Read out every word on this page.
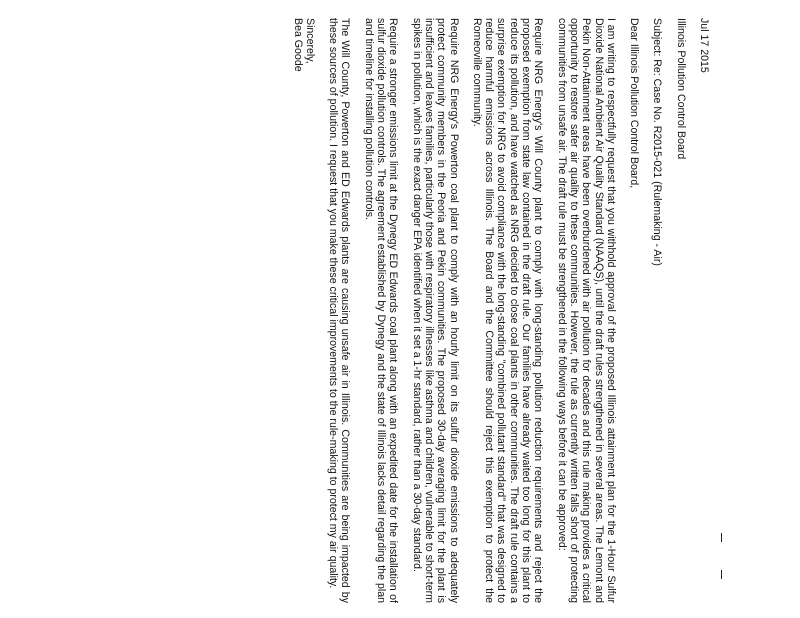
Jul 17 2015
Illinois Pollution Control Board
Subject: Re: Case No. R2015-021 (Rulemaking - Air)
Dear Illinois Pollution Control Board,

I am writing to respectfully request that you withhold approval of the proposed Illinois attainment plan for the 1-Hour Sulfur Dioxide National Ambient Air Quality Standard (NAAQS), until the draft rules strengthened in several areas. The Lemont and Pekin Non-Attainment areas have been overburdened with air pollution for decades and this rule making provides a critical opportunity to restore safer air quality to these communities. However, the rule as currently written falls short of protecting communities from unsafe air. The draft rule must be strengthened in the following ways before it can be approved:

Require NRG Energy's Will County plant to comply with long-standing pollution reduction requirements and reject the proposed exemption from state law contained in the draft rule. Our families have already waited too long for this plant to reduce its pollution, and have watched as NRG decided to close coal plants in other communities. The draft rule contains a surprise exemption for NRG to avoid compliance with the long-standing "combined pollutant standard" that was designed to reduce harmful emissions across Illinois. The Board and the Committee should reject this exemption to protect the Romeoville community.

Require NRG Energy's Powerton coal plant to comply with an hourly limit on its sulfur dioxide emissions to adequately protect community members in the Peoria and Pekin communities. The proposed 30-day averaging limit for the plant is insufficient and leaves families, particularly those with respiratory illnesses like asthma and children, vulnerable to short-term spikes in pollution, which is the exact danger EPA identified when it set a 1-hr standard, rather than a 30-day standard.

Require a stronger emissions limit at the Dynegy ED Edwards coal plant along with an expedited date for the installation of sulfur dioxide pollution controls. The agreement established by Dynegy and the state of Illinois lacks detail regarding the plan and timeline for installing pollution controls.

The Will County, Powerton and ED Edwards plants are causing unsafe air in Illinois. Communities are being impacted by these sources of pollution. I request that you make these critical improvements to the rule-making to protect my air quality.

Sincerely,
Bea Goode
